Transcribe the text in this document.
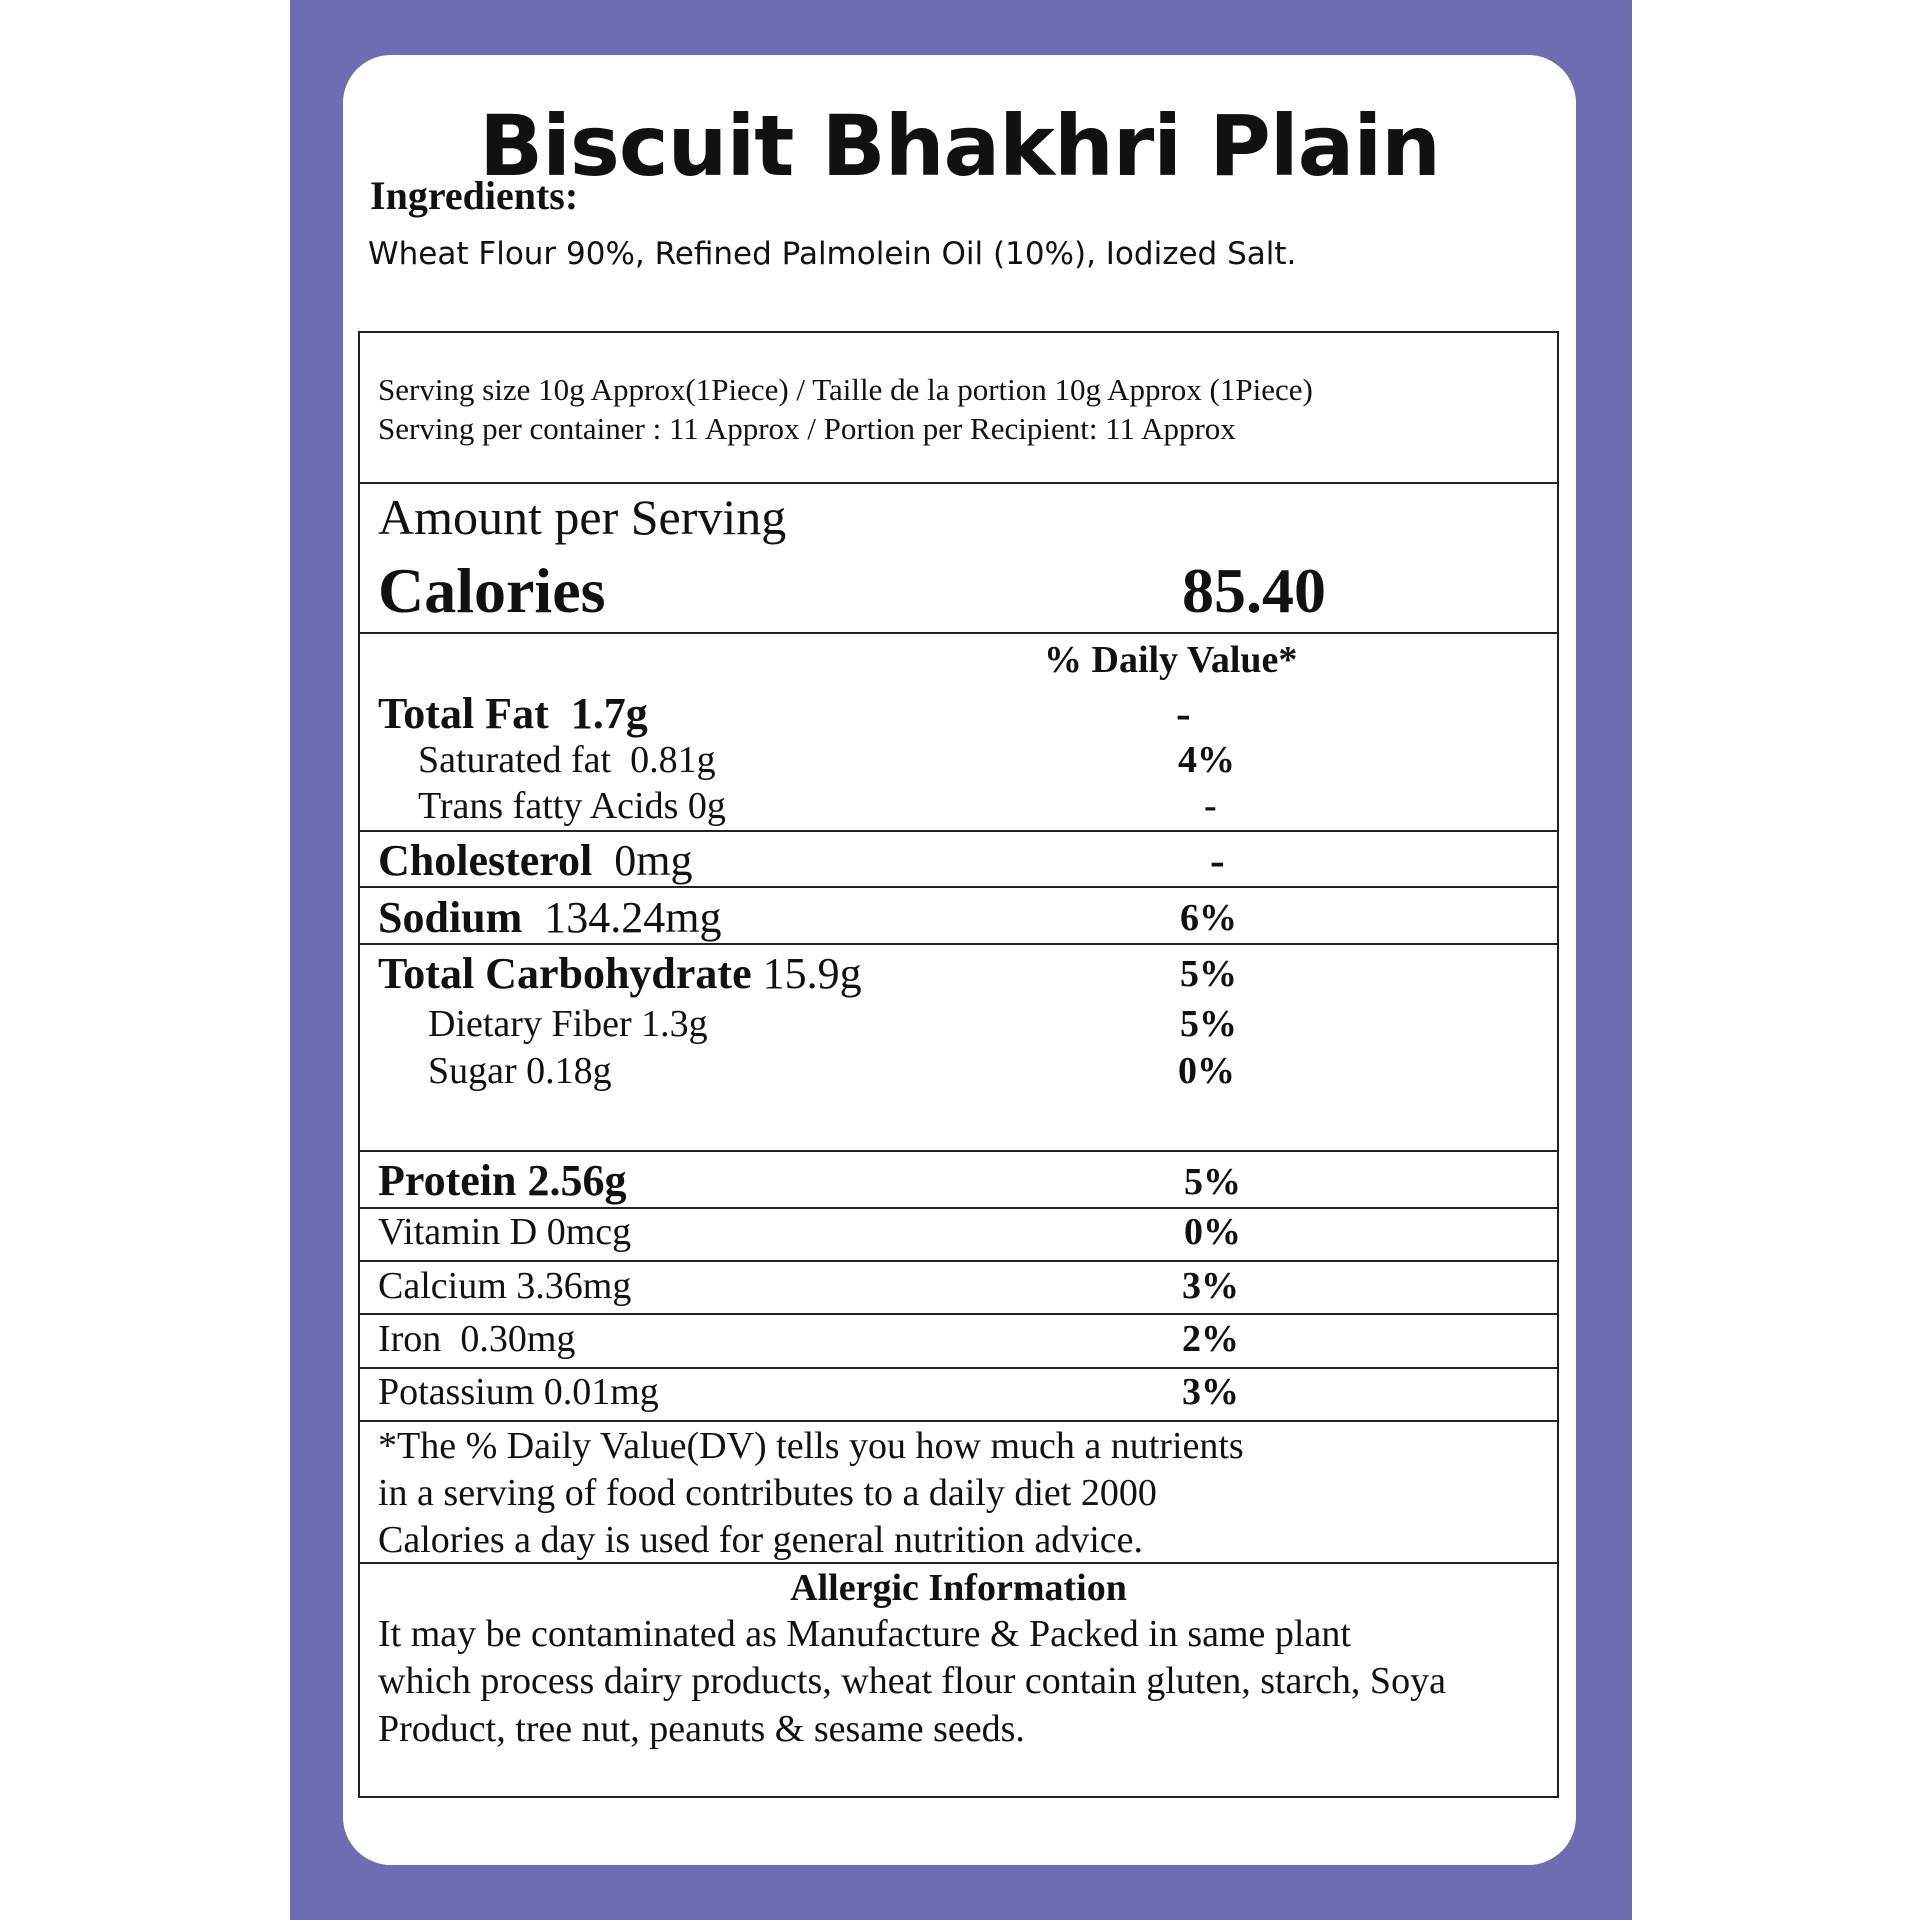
Biscuit Bhakhri Plain
Ingredients:
Wheat Flour 90%, Refined Palmolein Oil (10%), Iodized Salt.
Serving size 10g Approx(1Piece) / Taille de la portion 10g Approx (1Piece)
Serving per container : 11 Approx / Portion per Recipient: 11 Approx
Amount per Serving
Calories	85.40
% Daily Value*
Total Fat 1.7g	-
Saturated fat 0.81g	4%
Trans fatty Acids 0g	-
Cholesterol 0mg	-
Sodium 134.24mg	6%
Total Carbohydrate 15.9g	5%
Dietary Fiber 1.3g	5%
Sugar 0.18g	0%
Protein 2.56g	5%
Vitamin D 0mcg	0%
Calcium 3.36mg	3%
Iron 0.30mg	2%
Potassium 0.01mg	3%
*The % Daily Value(DV) tells you how much a nutrients
in a serving of food contributes to a daily diet 2000
Calories a day is used for general nutrition advice.
Allergic Information
It may be contaminated as Manufacture & Packed in same plant
which process dairy products, wheat flour contain gluten, starch, Soya
Product, tree nut, peanuts & sesame seeds.
